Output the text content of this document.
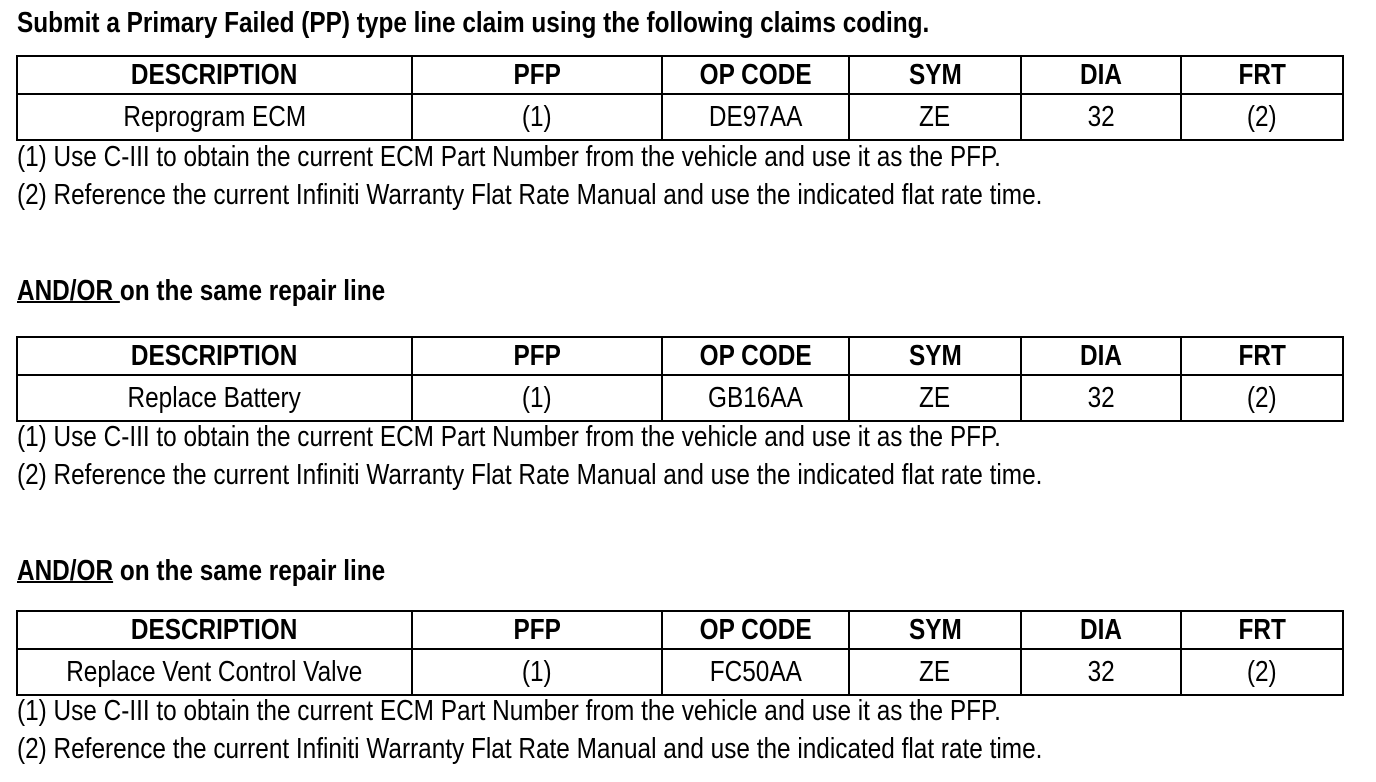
Submit a Primary Failed (PP) type line claim using the following claims coding.

DESCRIPTION	PFP	OP CODE	SYM	DIA	FRT
Reprogram ECM	(1)	DE97AA	ZE	32	(2)

(1) Use C-III to obtain the current ECM Part Number from the vehicle and use it as the PFP.

(2) Reference the current Infiniti Warranty Flat Rate Manual and use the indicated flat rate time.

AND/OR on the same repair line

DESCRIPTION	PFP	OP CODE	SYM	DIA	FRT
Replace Battery	(1)	GB16AA	ZE	32	(2)

(1) Use C-III to obtain the current ECM Part Number from the vehicle and use it as the PFP.

(2) Reference the current Infiniti Warranty Flat Rate Manual and use the indicated flat rate time.

AND/OR on the same repair line

DESCRIPTION	PFP	OP CODE	SYM	DIA	FRT
Replace Vent Control Valve	(1)	FC50AA	ZE	32	(2)

(1) Use C-III to obtain the current ECM Part Number from the vehicle and use it as the PFP.

(2) Reference the current Infiniti Warranty Flat Rate Manual and use the indicated flat rate time.
